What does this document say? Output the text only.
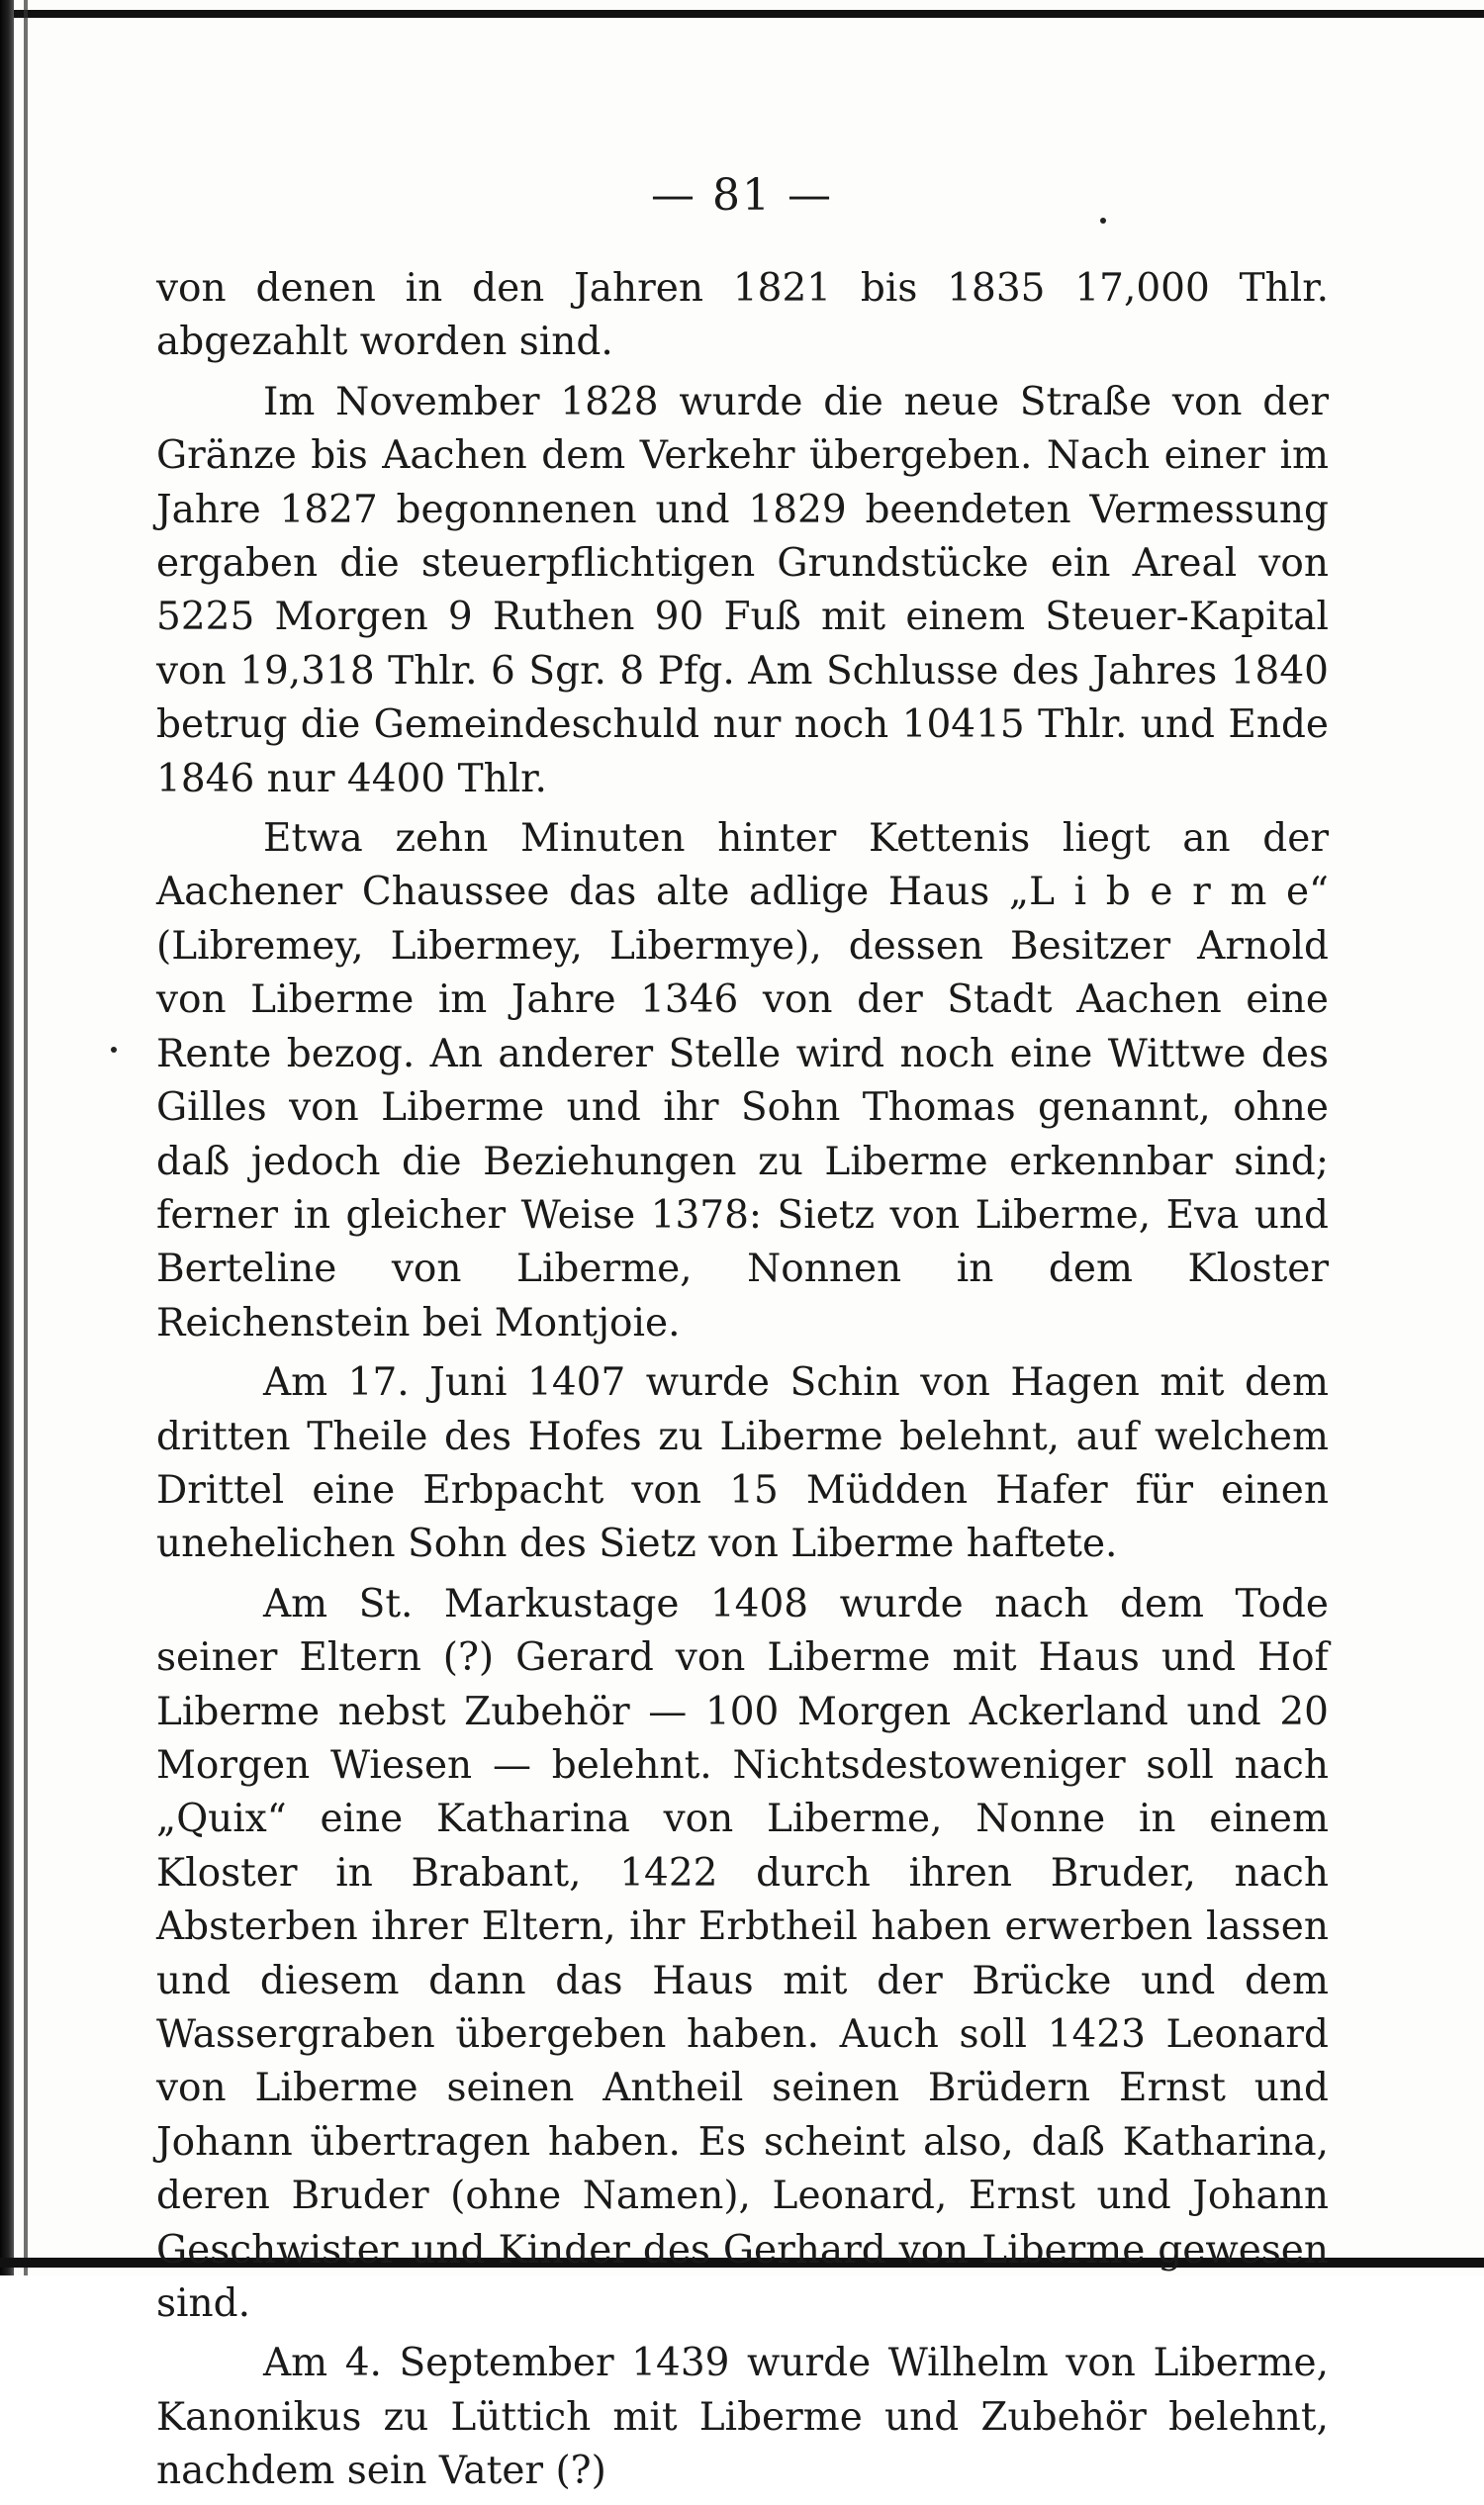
— 81 —

von denen in den Jahren 1821 bis 1835 17,000 Thlr. abgezahlt worden sind.

Im November 1828 wurde die neue Straße von der Gränze bis Aachen dem Verkehr übergeben. Nach einer im Jahre 1827 begonnenen und 1829 beendeten Vermessung ergaben die steuerpflichtigen Grundstücke ein Areal von 5225 Morgen 9 Ruthen 90 Fuß mit einem Steuer-Kapital von 19,318 Thlr. 6 Sgr. 8 Pfg. Am Schlusse des Jahres 1840 betrug die Gemeindeschuld nur noch 10415 Thlr. und Ende 1846 nur 4400 Thlr.

Etwa zehn Minuten hinter Kettenis liegt an der Aachener Chaussee das alte adlige Haus „L i b e r m e“ (Libremey, Libermey, Libermye), dessen Besitzer Arnold von Liberme im Jahre 1346 von der Stadt Aachen eine Rente bezog. An anderer Stelle wird noch eine Wittwe des Gilles von Liberme und ihr Sohn Thomas genannt, ohne daß jedoch die Beziehungen zu Liberme erkennbar sind; ferner in gleicher Weise 1378: Sietz von Liberme, Eva und Berteline von Liberme, Nonnen in dem Kloster Reichenstein bei Montjoie.

Am 17. Juni 1407 wurde Schin von Hagen mit dem dritten Theile des Hofes zu Liberme belehnt, auf welchem Drittel eine Erbpacht von 15 Müdden Hafer für einen unehelichen Sohn des Sietz von Liberme haftete.

Am St. Markustage 1408 wurde nach dem Tode seiner Eltern (?) Gerard von Liberme mit Haus und Hof Liberme nebst Zubehör — 100 Morgen Ackerland und 20 Morgen Wiesen — belehnt. Nichtsdestoweniger soll nach „Quix“ eine Katharina von Liberme, Nonne in einem Kloster in Brabant, 1422 durch ihren Bruder, nach Absterben ihrer Eltern, ihr Erbtheil haben erwerben lassen und diesem dann das Haus mit der Brücke und dem Wassergraben übergeben haben. Auch soll 1423 Leonard von Liberme seinen Antheil seinen Brüdern Ernst und Johann übertragen haben. Es scheint also, daß Katharina, deren Bruder (ohne Namen), Leonard, Ernst und Johann Geschwister und Kinder des Gerhard von Liberme gewesen sind.

Am 4. September 1439 wurde Wilhelm von Liberme, Kanonikus zu Lüttich mit Liberme und Zubehör belehnt, nachdem sein Vater (?)
